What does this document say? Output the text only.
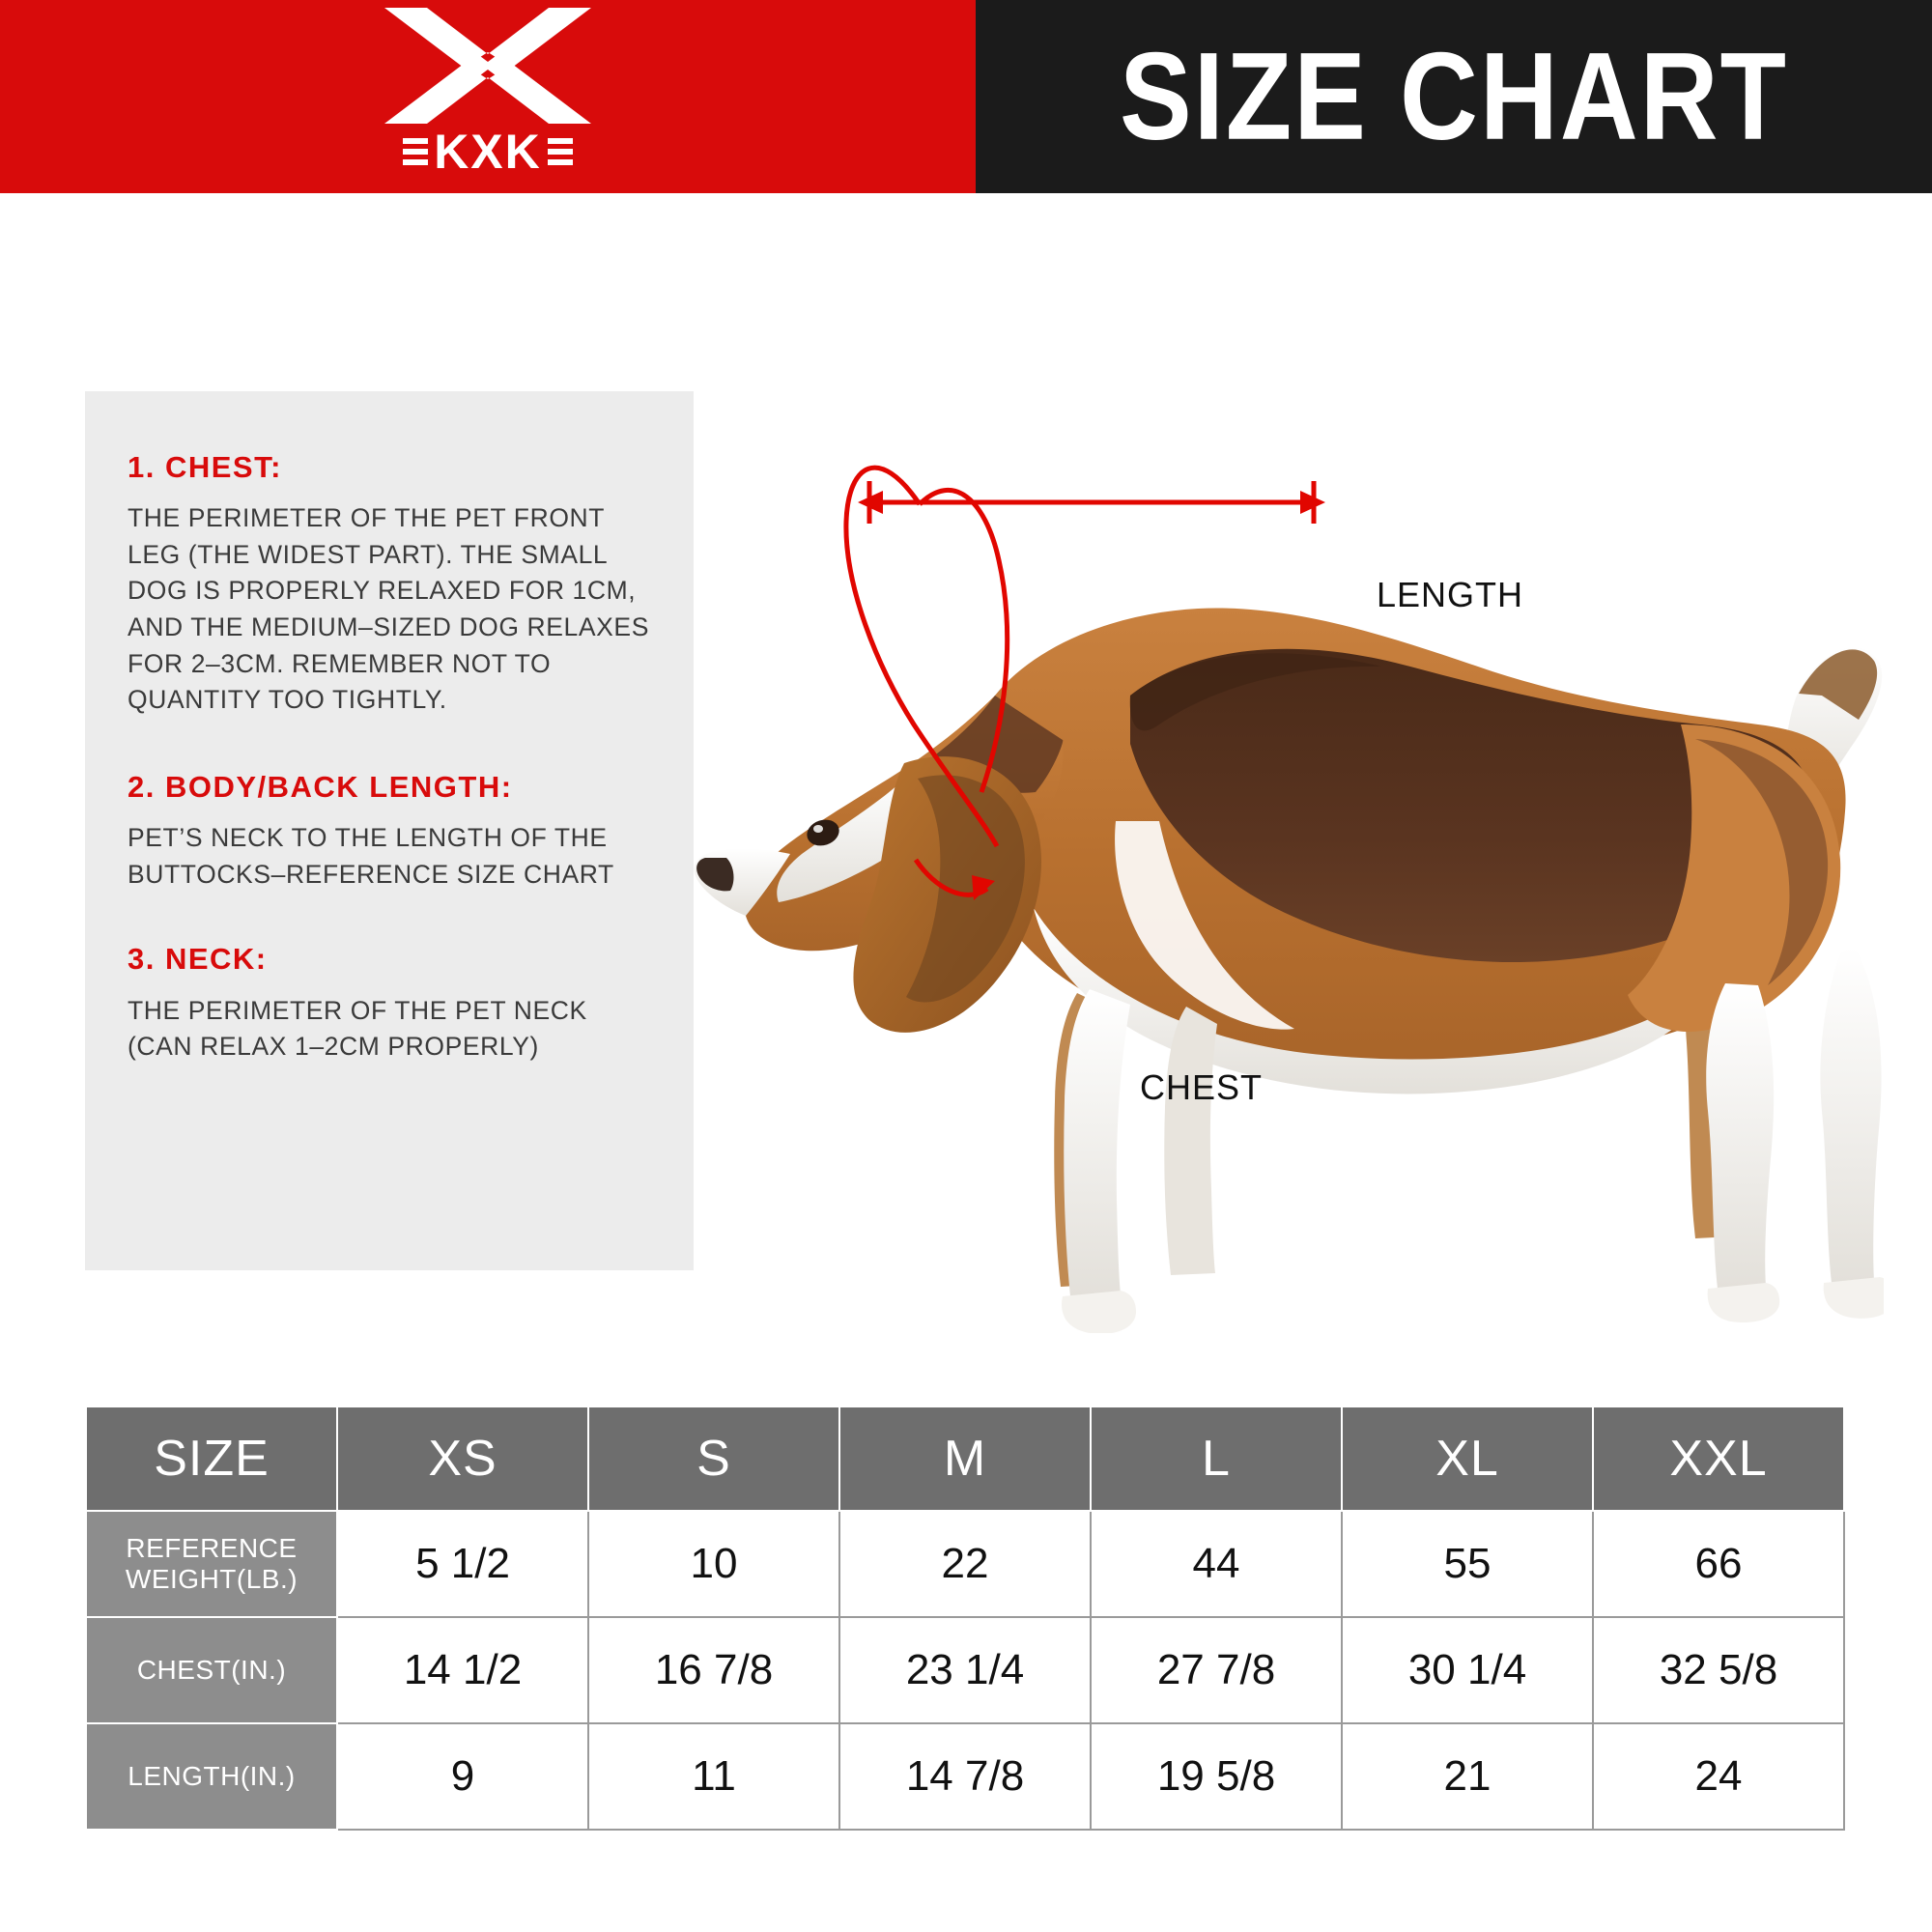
KXK	SIZE CHART
1. CHEST:

THE PERIMETER OF THE PET FRONT LEG (THE WIDEST PART). THE SMALL DOG IS PROPERLY RELAXED FOR 1CM, AND THE MEDIUM–SIZED DOG RELAXES FOR 2–3CM. REMEMBER NOT TO QUANTITY TOO TIGHTLY.

2. BODY/BACK LENGTH:

PET’S NECK TO THE LENGTH OF THE BUTTOCKS–REFERENCE SIZE CHART

3. NECK:

THE PERIMETER OF THE PET NECK (CAN RELAX 1–2CM PROPERLY)

LENGTH
CHEST
SIZE	XS	S	M	L	XL	XXL

REFERENCE
WEIGHT(LB.)	5 1/2	10	22	44	55	66
CHEST(IN.)	14 1/2	16 7/8	23 1/4	27 7/8	30 1/4	32 5/8
LENGTH(IN.)	9	11	14 7/8	19 5/8	21	24
